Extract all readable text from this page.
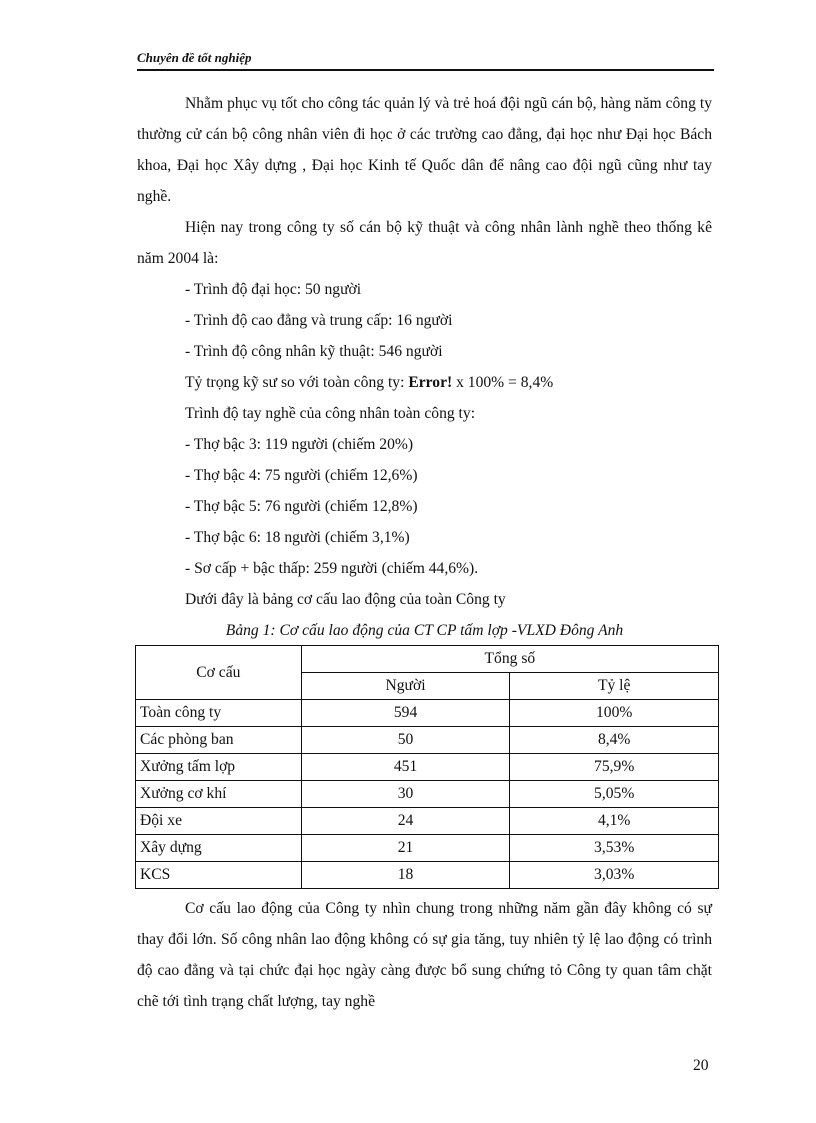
Chuyên đề tốt nghiệp

Nhằm phục vụ tốt cho công tác quản lý và trẻ hoá đội ngũ cán bộ, hàng năm công ty thường cử cán bộ công nhân viên đi học ở các trường cao đẳng, đại học như Đại học Bách khoa, Đại học Xây dựng , Đại học Kinh tế Quốc dân để nâng cao đội ngũ cũng như tay nghề.

Hiện nay trong công ty số cán bộ kỹ thuật và công nhân lành nghề theo thống kê năm 2004 là:

- Trình độ đại học: 50 người
- Trình độ cao đẳng và trung cấp: 16 người
- Trình độ công nhân kỹ thuật: 546 người
Tỷ trọng kỹ sư so với toàn công ty: Error! x 100% = 8,4%
Trình độ tay nghề của công nhân toàn công ty:
- Thợ bậc 3: 119 người (chiếm 20%)
- Thợ bậc 4: 75 người (chiếm 12,6%)
- Thợ bậc 5: 76 người (chiếm 12,8%)
- Thợ bậc 6: 18 người (chiếm 3,1%)
- Sơ cấp + bậc thấp: 259 người (chiếm 44,6%).
Dưới đây là bảng cơ cấu lao động của toàn Công ty
Bảng 1: Cơ cấu lao động của CT CP tấm lợp -VLXD Đông Anh
Cơ cấu	Tổng số	
	Người	Tỷ lệ
Toàn công ty	594	100%
Các phòng ban	50	8,4%
Xưởng tấm lợp	451	75,9%
Xưởng cơ khí	30	5,05%
Đội xe	24	4,1%
Xây dựng	21	3,53%
KCS	18	3,03%

Cơ cấu lao động của Công ty nhìn chung trong những năm gần đây không có sự thay đổi lớn. Số công nhân lao động không có sự gia tăng, tuy nhiên tỷ lệ lao động có trình độ cao đẳng và tại chức đại học ngày càng được bổ sung chứng tỏ Công ty quan tâm chặt chẽ tới tình trạng chất lượng, tay nghề

20
